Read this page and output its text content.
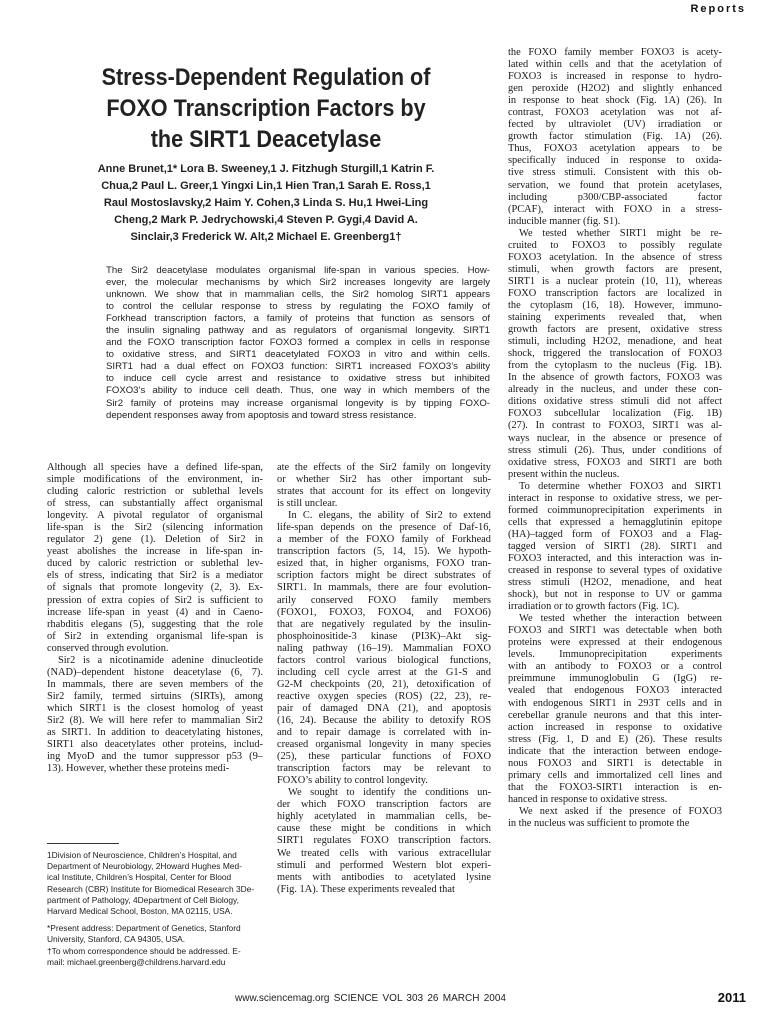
Reports
Stress-Dependent Regulation of
FOXO Transcription Factors by
the SIRT1 Deacetylase
Anne Brunet,1* Lora B. Sweeney,1 J. Fitzhugh Sturgill,1 Katrin F.
Chua,2 Paul L. Greer,1 Yingxi Lin,1 Hien Tran,1 Sarah E. Ross,1
Raul Mostoslavsky,2 Haim Y. Cohen,3 Linda S. Hu,1 Hwei-Ling
Cheng,2 Mark P. Jedrychowski,4 Steven P. Gygi,4 David A.
Sinclair,3 Frederick W. Alt,2 Michael E. Greenberg1†
The Sir2 deacetylase modulates organismal life-span in various species. How-
ever, the molecular mechanisms by which Sir2 increases longevity are largely
unknown. We show that in mammalian cells, the Sir2 homolog SIRT1 appears
to control the cellular response to stress by regulating the FOXO family of
Forkhead transcription factors, a family of proteins that function as sensors of
the insulin signaling pathway and as regulators of organismal longevity. SIRT1
and the FOXO transcription factor FOXO3 formed a complex in cells in response
to oxidative stress, and SIRT1 deacetylated FOXO3 in vitro and within cells.
SIRT1 had a dual effect on FOXO3 function: SIRT1 increased FOXO3’s ability
to induce cell cycle arrest and resistance to oxidative stress but inhibited
FOXO3’s ability to induce cell death. Thus, one way in which members of the
Sir2 family of proteins may increase organismal longevity is by tipping FOXO-
dependent responses away from apoptosis and toward stress resistance.
Although all species have a defined life-span,
simple modifications of the environment, in-
cluding caloric restriction or sublethal levels
of stress, can substantially affect organismal
longevity. A pivotal regulator of organismal
life-span is the Sir2 (silencing information
regulator 2) gene (1). Deletion of Sir2 in
yeast abolishes the increase in life-span in-
duced by caloric restriction or sublethal lev-
els of stress, indicating that Sir2 is a mediator
of signals that promote longevity (2, 3). Ex-
pression of extra copies of Sir2 is sufficient to
increase life-span in yeast (4) and in Caeno-
rhabditis elegans (5), suggesting that the role
of Sir2 in extending organismal life-span is
conserved through evolution.
Sir2 is a nicotinamide adenine dinucleotide
(NAD)–dependent histone deacetylase (6, 7).
In mammals, there are seven members of the
Sir2 family, termed sirtuins (SIRTs), among
which SIRT1 is the closest homolog of yeast
Sir2 (8). We will here refer to mammalian Sir2
as SIRT1. In addition to deacetylating histones,
SIRT1 also deacetylates other proteins, includ-
ing MyoD and the tumor suppressor p53 (9–
13). However, whether these proteins medi-
ate the effects of the Sir2 family on longevity
or whether Sir2 has other important sub-
strates that account for its effect on longevity
is still unclear.
In C. elegans, the ability of Sir2 to extend
life-span depends on the presence of Daf-16,
a member of the FOXO family of Forkhead
transcription factors (5, 14, 15). We hypoth-
esized that, in higher organisms, FOXO tran-
scription factors might be direct substrates of
SIRT1. In mammals, there are four evolution-
arily conserved FOXO family members
(FOXO1, FOXO3, FOXO4, and FOXO6)
that are negatively regulated by the insulin-
phosphoinositide-3 kinase (PI3K)–Akt sig-
naling pathway (16–19). Mammalian FOXO
factors control various biological functions,
including cell cycle arrest at the G1-S and
G2-M checkpoints (20, 21), detoxification of
reactive oxygen species (ROS) (22, 23), re-
pair of damaged DNA (21), and apoptosis
(16, 24). Because the ability to detoxify ROS
and to repair damage is correlated with in-
creased organismal longevity in many species
(25), these particular functions of FOXO
transcription factors may be relevant to
FOXO’s ability to control longevity.
We sought to identify the conditions un-
der which FOXO transcription factors are
highly acetylated in mammalian cells, be-
cause these might be conditions in which
SIRT1 regulates FOXO transcription factors.
We treated cells with various extracellular
stimuli and performed Western blot experi-
ments with antibodies to acetylated lysine
(Fig. 1A). These experiments revealed that
the FOXO family member FOXO3 is acety-
lated within cells and that the acetylation of
FOXO3 is increased in response to hydro-
gen peroxide (H2O2) and slightly enhanced
in response to heat shock (Fig. 1A) (26). In
contrast, FOXO3 acetylation was not af-
fected by ultraviolet (UV) irradiation or
growth factor stimulation (Fig. 1A) (26).
Thus, FOXO3 acetylation appears to be
specifically induced in response to oxida-
tive stress stimuli. Consistent with this ob-
servation, we found that protein acetylases,
including p300/CBP-associated factor
(PCAF), interact with FOXO in a stress-
inducible manner (fig. S1).
We tested whether SIRT1 might be re-
cruited to FOXO3 to possibly regulate
FOXO3 acetylation. In the absence of stress
stimuli, when growth factors are present,
SIRT1 is a nuclear protein (10, 11), whereas
FOXO transcription factors are localized in
the cytoplasm (16, 18). However, immuno-
staining experiments revealed that, when
growth factors are present, oxidative stress
stimuli, including H2O2, menadione, and heat
shock, triggered the translocation of FOXO3
from the cytoplasm to the nucleus (Fig. 1B).
In the absence of growth factors, FOXO3 was
already in the nucleus, and under these con-
ditions oxidative stress stimuli did not affect
FOXO3 subcellular localization (Fig. 1B)
(27). In contrast to FOXO3, SIRT1 was al-
ways nuclear, in the absence or presence of
stress stimuli (26). Thus, under conditions of
oxidative stress, FOXO3 and SIRT1 are both
present within the nucleus.
To determine whether FOXO3 and SIRT1
interact in response to oxidative stress, we per-
formed coimmunoprecipitation experiments in
cells that expressed a hemagglutinin epitope
(HA)–tagged form of FOXO3 and a Flag-
tagged version of SIRT1 (28). SIRT1 and
FOXO3 interacted, and this interaction was in-
creased in response to several types of oxidative
stress stimuli (H2O2, menadione, and heat
shock), but not in response to UV or gamma
irradiation or to growth factors (Fig. 1C).
We tested whether the interaction between
FOXO3 and SIRT1 was detectable when both
proteins were expressed at their endogenous
levels. Immunoprecipitation experiments
with an antibody to FOXO3 or a control
preimmune immunoglobulin G (IgG) re-
vealed that endogenous FOXO3 interacted
with endogenous SIRT1 in 293T cells and in
cerebellar granule neurons and that this inter-
action increased in response to oxidative
stress (Fig. 1, D and E) (26). These results
indicate that the interaction between endoge-
nous FOXO3 and SIRT1 is detectable in
primary cells and immortalized cell lines and
that the FOXO3-SIRT1 interaction is en-
hanced in response to oxidative stress.
We next asked if the presence of FOXO3
in the nucleus was sufficient to promote the
1Division of Neuroscience, Children’s Hospital, and
Department of Neurobiology, 2Howard Hughes Med-
ical Institute, Children’s Hospital, Center for Blood
Research (CBR) Institute for Biomedical Research 3De-
partment of Pathology, 4Department of Cell Biology,
Harvard Medical School, Boston, MA 02115, USA.
*Present address: Department of Genetics, Stanford
University, Stanford, CA 94305, USA.
†To whom correspondence should be addressed. E-
mail: michael.greenberg@childrens.harvard.edu
www.sciencemag.org SCIENCE VOL 303 26 MARCH 2004	2011
